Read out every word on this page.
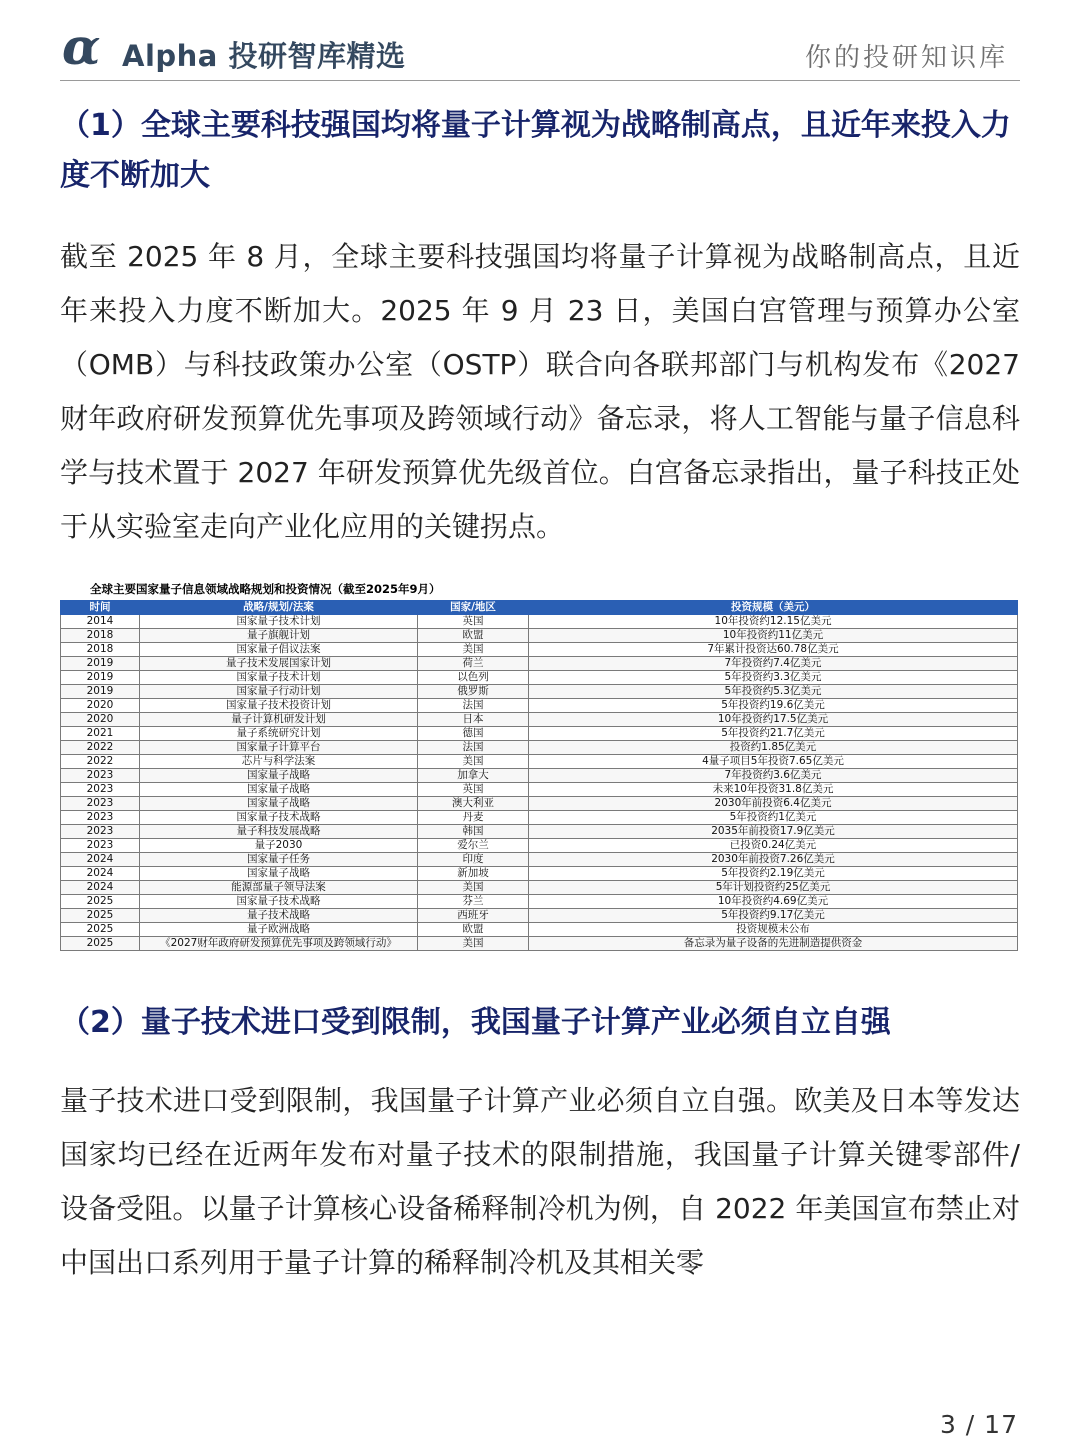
α Alpha 投研智库精选	你的投研知识库
（1）全球主要科技强国均将量子计算视为战略制高点，且近年来投入力度不断加大

截至 2025 年 8 月，全球主要科技强国均将量子计算视为战略制高点，且近年来投入力度不断加大。2025 年 9 月 23 日，美国白宫管理与预算办公室（OMB）与科技政策办公室（OSTP）联合向各联邦部门与机构发布《2027 财年政府研发预算优先事项及跨领域行动》备忘录，将人工智能与量子信息科学与技术置于 2027 年研发预算优先级首位。白宫备忘录指出，量子科技正处于从实验室走向产业化应用的关键拐点。

全球主要国家量子信息领域战略规划和投资情况（截至2025年9月）
时间	战略/规划/法案	国家/地区	投资规模（美元）
2014	国家量子技术计划	英国	10年投资约12.15亿美元
2018	量子旗舰计划	欧盟	10年投资约11亿美元
2018	国家量子倡议法案	美国	7年累计投资达60.78亿美元
2019	量子技术发展国家计划	荷兰	7年投资约7.4亿美元
2019	国家量子技术计划	以色列	5年投资约3.3亿美元
2019	国家量子行动计划	俄罗斯	5年投资约5.3亿美元
2020	国家量子技术投资计划	法国	5年投资约19.6亿美元
2020	量子计算机研发计划	日本	10年投资约17.5亿美元
2021	量子系统研究计划	德国	5年投资约21.7亿美元
2022	国家量子计算平台	法国	投资约1.85亿美元
2022	芯片与科学法案	美国	4量子项目5年投资7.65亿美元
2023	国家量子战略	加拿大	7年投资约3.6亿美元
2023	国家量子战略	英国	未来10年投资31.8亿美元
2023	国家量子战略	澳大利亚	2030年前投资6.4亿美元
2023	国家量子技术战略	丹麦	5年投资约1亿美元
2023	量子科技发展战略	韩国	2035年前投资17.9亿美元
2023	量子2030	爱尔兰	已投资0.24亿美元
2024	国家量子任务	印度	2030年前投资7.26亿美元
2024	国家量子战略	新加坡	5年投资约2.19亿美元
2024	能源部量子领导法案	美国	5年计划投资约25亿美元
2025	国家量子技术战略	芬兰	10年投资约4.69亿美元
2025	量子技术战略	西班牙	5年投资约9.17亿美元
2025	量子欧洲战略	欧盟	投资规模未公布
2025	《2027财年政府研发预算优先事项及跨领域行动》	美国	备忘录为量子设备的先进制造提供资金
（2）量子技术进口受到限制，我国量子计算产业必须自立自强

量子技术进口受到限制，我国量子计算产业必须自立自强。欧美及日本等发达国家均已经在近两年发布对量子技术的限制措施，我国量子计算关键零部件/设备受阻。以量子计算核心设备稀释制冷机为例，自 2022 年美国宣布禁止对中国出口系列用于量子计算的稀释制冷机及其相关零

3 / 17
